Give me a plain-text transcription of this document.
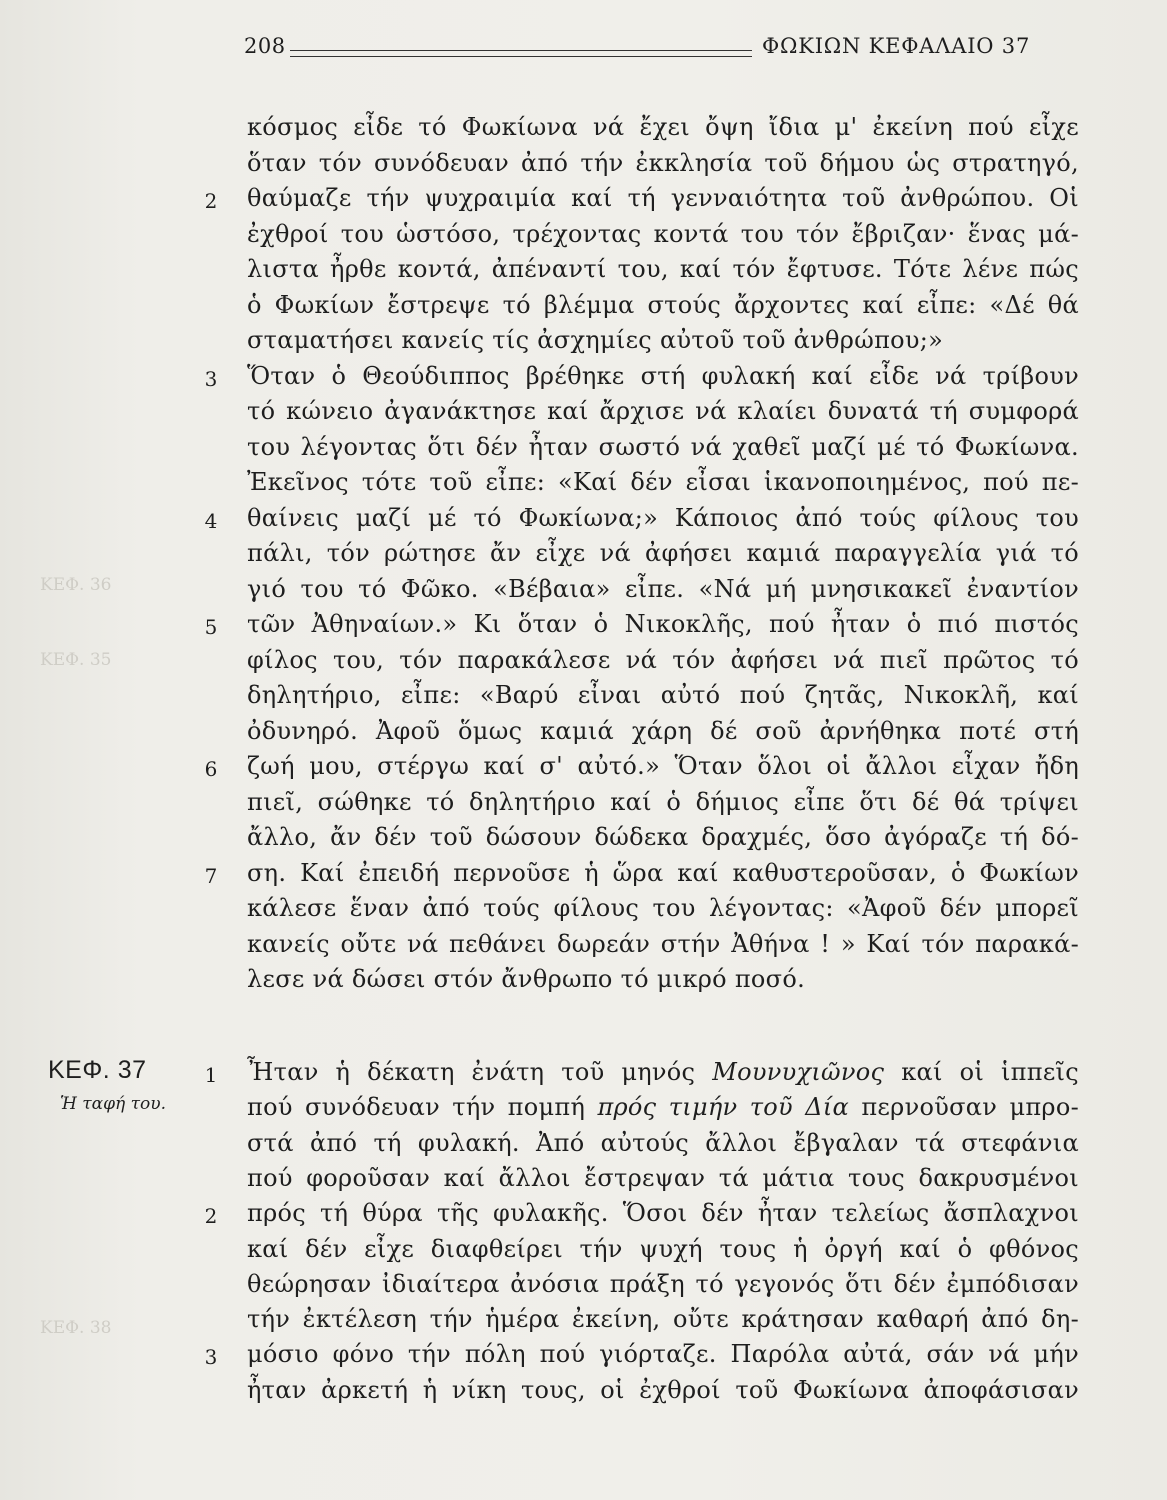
208	ΦΩΚΙΩΝ ΚΕΦΑΛΑΙΟ 37
ΚΕΦ. 37
Ἡ ταφή του.
κόσμος εἶδε τό Φωκίωνα νά ἔχει ὄψη ἴδια μ' ἐκείνη πού εἶχε
ὅταν τόν συνόδευαν ἀπό τήν ἐκκλησία τοῦ δήμου ὡς στρατηγό,
θαύμαζε τήν ψυχραιμία καί τή γενναιότητα τοῦ ἀνθρώπου. Οἱ
2
ἐχθροί του ὡστόσο, τρέχοντας κοντά του τόν ἔβριζαν· ἕνας μά-
λιστα ἦρθε κοντά, ἀπέναντί του, καί τόν ἔφτυσε. Τότε λένε πώς
ὁ Φωκίων ἔστρεψε τό βλέμμα στούς ἄρχοντες καί εἶπε: «Δέ θά
σταματήσει κανείς τίς ἀσχημίες αὐτοῦ τοῦ ἀνθρώπου;»
Ὅταν ὁ Θεούδιππος βρέθηκε στή φυλακή καί εἶδε νά τρίβουν
3
τό κώνειο ἀγανάκτησε καί ἄρχισε νά κλαίει δυνατά τή συμφορά
του λέγοντας ὅτι δέν ἦταν σωστό νά χαθεῖ μαζί μέ τό Φωκίωνα.
Ἐκεῖνος τότε τοῦ εἶπε: «Καί δέν εἶσαι ἱκανοποιημένος, πού πε-
θαίνεις μαζί μέ τό Φωκίωνα;» Κάποιος ἀπό τούς φίλους του
4
πάλι, τόν ρώτησε ἄν εἶχε νά ἀφήσει καμιά παραγγελία γιά τό
γιό του τό Φῶκο. «Βέβαια» εἶπε. «Νά μή μνησικακεῖ ἐναντίον
τῶν Ἀθηναίων.» Κι ὅταν ὁ Νικοκλῆς, πού ἦταν ὁ πιό πιστός
5
φίλος του, τόν παρακάλεσε νά τόν ἀφήσει νά πιεῖ πρῶτος τό
δηλητήριο, εἶπε: «Βαρύ εἶναι αὐτό πού ζητᾶς, Νικοκλῆ, καί
ὀδυνηρό. Ἀφοῦ ὅμως καμιά χάρη δέ σοῦ ἀρνήθηκα ποτέ στή
ζωή μου, στέργω καί σ' αὐτό.» Ὅταν ὅλοι οἱ ἄλλοι εἶχαν ἤδη
6
πιεῖ, σώθηκε τό δηλητήριο καί ὁ δήμιος εἶπε ὅτι δέ θά τρίψει
ἄλλο, ἄν δέν τοῦ δώσουν δώδεκα δραχμές, ὅσο ἀγόραζε τή δό-
ση. Καί ἐπειδή περνοῦσε ἡ ὥρα καί καθυστεροῦσαν, ὁ Φωκίων
7
κάλεσε ἕναν ἀπό τούς φίλους του λέγοντας: «Ἀφοῦ δέν μπορεῖ
κανείς οὔτε νά πεθάνει δωρεάν στήν Ἀθήνα ! » Καί τόν παρακά-
λεσε νά δώσει στόν ἄνθρωπο τό μικρό ποσό.
Ἦταν ἡ δέκατη ἐνάτη τοῦ μηνός Μουνυχιῶνος καί οἱ ἱππεῖς
1
πού συνόδευαν τήν πομπή πρός τιμήν τοῦ Δία περνοῦσαν μπρο-
στά ἀπό τή φυλακή. Ἀπό αὐτούς ἄλλοι ἔβγαλαν τά στεφάνια
πού φοροῦσαν καί ἄλλοι ἔστρεψαν τά μάτια τους δακρυσμένοι
πρός τή θύρα τῆς φυλακῆς. Ὅσοι δέν ἦταν τελείως ἄσπλαχνοι
2
καί δέν εἶχε διαφθείρει τήν ψυχή τους ἡ ὀργή καί ὁ φθόνος
θεώρησαν ἰδιαίτερα ἀνόσια πράξη τό γεγονός ὅτι δέν ἐμπόδισαν
τήν ἐκτέλεση τήν ἡμέρα ἐκείνη, οὔτε κράτησαν καθαρή ἀπό δη-
μόσιο φόνο τήν πόλη πού γιόρταζε. Παρόλα αὐτά, σάν νά μήν
3
ἦταν ἀρκετή ἡ νίκη τους, οἱ ἐχθροί τοῦ Φωκίωνα ἀποφάσισαν
ΚΕΦ. 36
ΚΕΦ. 35
ΚΕΦ. 38
